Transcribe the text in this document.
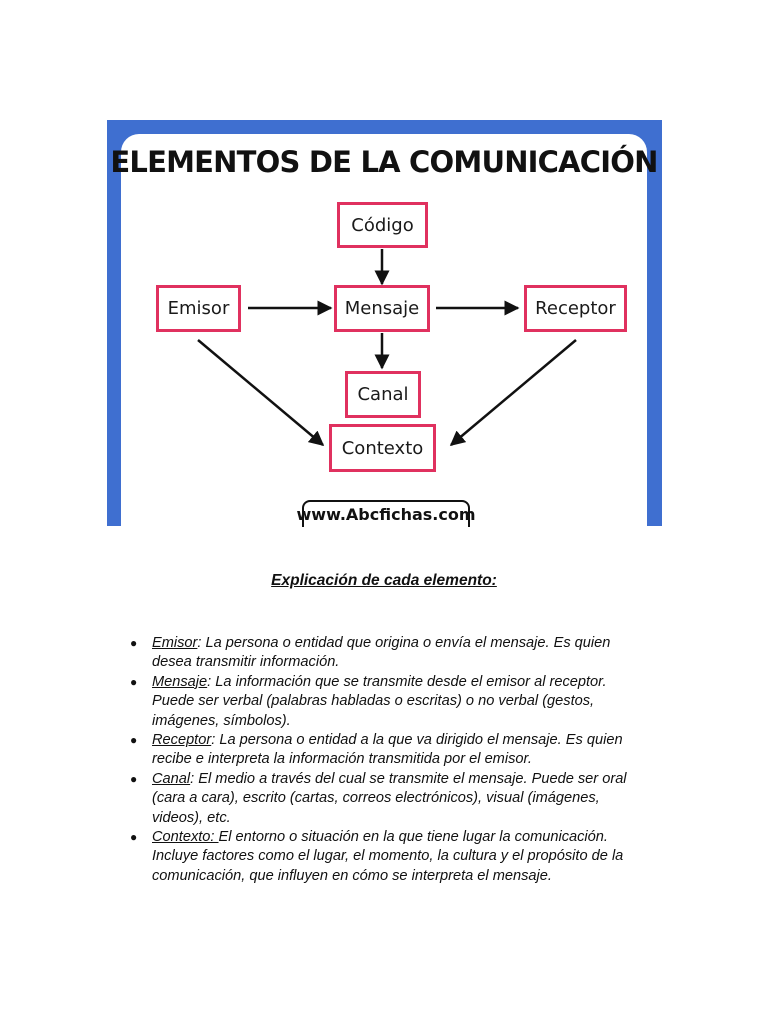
ELEMENTOS DE LA COMUNICACIÓN
Código
Emisor	Mensaje	Receptor
Canal
Contexto
www.Abcfichas.com
Explicación de cada elemento:
● Emisor: La persona o entidad que origina o envía el mensaje. Es quien desea transmitir información.
● Mensaje: La información que se transmite desde el emisor al receptor. Puede ser verbal (palabras habladas o escritas) o no verbal (gestos, imágenes, símbolos).
● Receptor: La persona o entidad a la que va dirigido el mensaje. Es quien recibe e interpreta la información transmitida por el emisor.
● Canal: El medio a través del cual se transmite el mensaje. Puede ser oral (cara a cara), escrito (cartas, correos electrónicos), visual (imágenes, videos), etc.
● Contexto: El entorno o situación en la que tiene lugar la comunicación. Incluye factores como el lugar, el momento, la cultura y el propósito de la comunicación, que influyen en cómo se interpreta el mensaje.
